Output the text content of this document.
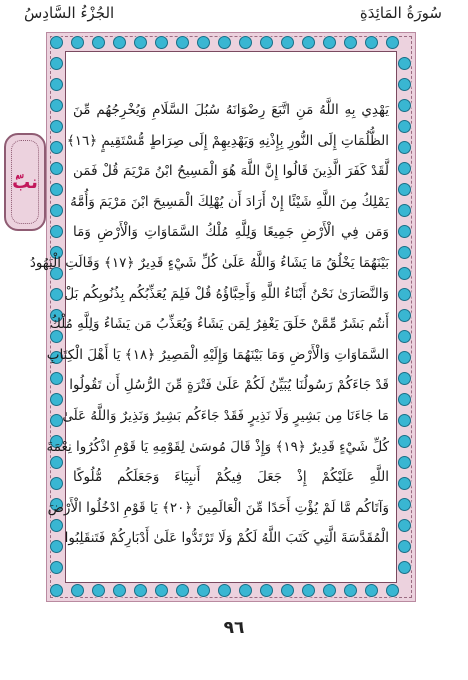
سُورَةُ المَائِدَةِ
الجُزْءُ السَّادِسُ
ۢنبّ
يَهْدِي بِهِ اللَّهُ مَنِ اتَّبَعَ رِضْوَانَهُ سُبُلَ السَّلَامِ وَيُخْرِجُهُم مِّنَ
الظُّلُمَاتِ إِلَى النُّورِ بِإِذْنِهِ وَيَهْدِيهِمْ إِلَى صِرَاطٍ مُّسْتَقِيمٍ ﴿١٦﴾
لَّقَدْ كَفَرَ الَّذِينَ قَالُوا إِنَّ اللَّهَ هُوَ الْمَسِيحُ ابْنُ مَرْيَمَ قُلْ فَمَن
يَمْلِكُ مِنَ اللَّهِ شَيْئًا إِنْ أَرَادَ أَن يُهْلِكَ الْمَسِيحَ ابْنَ مَرْيَمَ وَأُمَّهُ
وَمَن فِي الْأَرْضِ جَمِيعًا وَلِلَّهِ مُلْكُ السَّمَاوَاتِ وَالْأَرْضِ وَمَا
بَيْنَهُمَا يَخْلُقُ مَا يَشَاءُ وَاللَّهُ عَلَىٰ كُلِّ شَيْءٍ قَدِيرٌ ﴿١٧﴾ وَقَالَتِ الْيَهُودُ
وَالنَّصَارَىٰ نَحْنُ أَبْنَاءُ اللَّهِ وَأَحِبَّاؤُهُ قُلْ فَلِمَ يُعَذِّبُكُم بِذُنُوبِكُم بَلْ
أَنتُم بَشَرٌ مِّمَّنْ خَلَقَ يَغْفِرُ لِمَن يَشَاءُ وَيُعَذِّبُ مَن يَشَاءُ وَلِلَّهِ مُلْكُ
السَّمَاوَاتِ وَالْأَرْضِ وَمَا بَيْنَهُمَا وَإِلَيْهِ الْمَصِيرُ ﴿١٨﴾ يَا أَهْلَ الْكِتَابِ
قَدْ جَاءَكُمْ رَسُولُنَا يُبَيِّنُ لَكُمْ عَلَىٰ فَتْرَةٍ مِّنَ الرُّسُلِ أَن تَقُولُوا
مَا جَاءَنَا مِن بَشِيرٍ وَلَا نَذِيرٍ فَقَدْ جَاءَكُم بَشِيرٌ وَنَذِيرٌ وَاللَّهُ عَلَىٰ
كُلِّ شَيْءٍ قَدِيرٌ ﴿١٩﴾ وَإِذْ قَالَ مُوسَىٰ لِقَوْمِهِ يَا قَوْمِ اذْكُرُوا نِعْمَةَ
اللَّهِ عَلَيْكُمْ إِذْ جَعَلَ فِيكُمْ أَنبِيَاءَ وَجَعَلَكُم مُّلُوكًا
وَآتَاكُم مَّا لَمْ يُؤْتِ أَحَدًا مِّنَ الْعَالَمِينَ ﴿٢٠﴾ يَا قَوْمِ ادْخُلُوا الْأَرْضَ
الْمُقَدَّسَةَ الَّتِي كَتَبَ اللَّهُ لَكُمْ وَلَا تَرْتَدُّوا عَلَىٰ أَدْبَارِكُمْ فَتَنقَلِبُوا
٩٦
